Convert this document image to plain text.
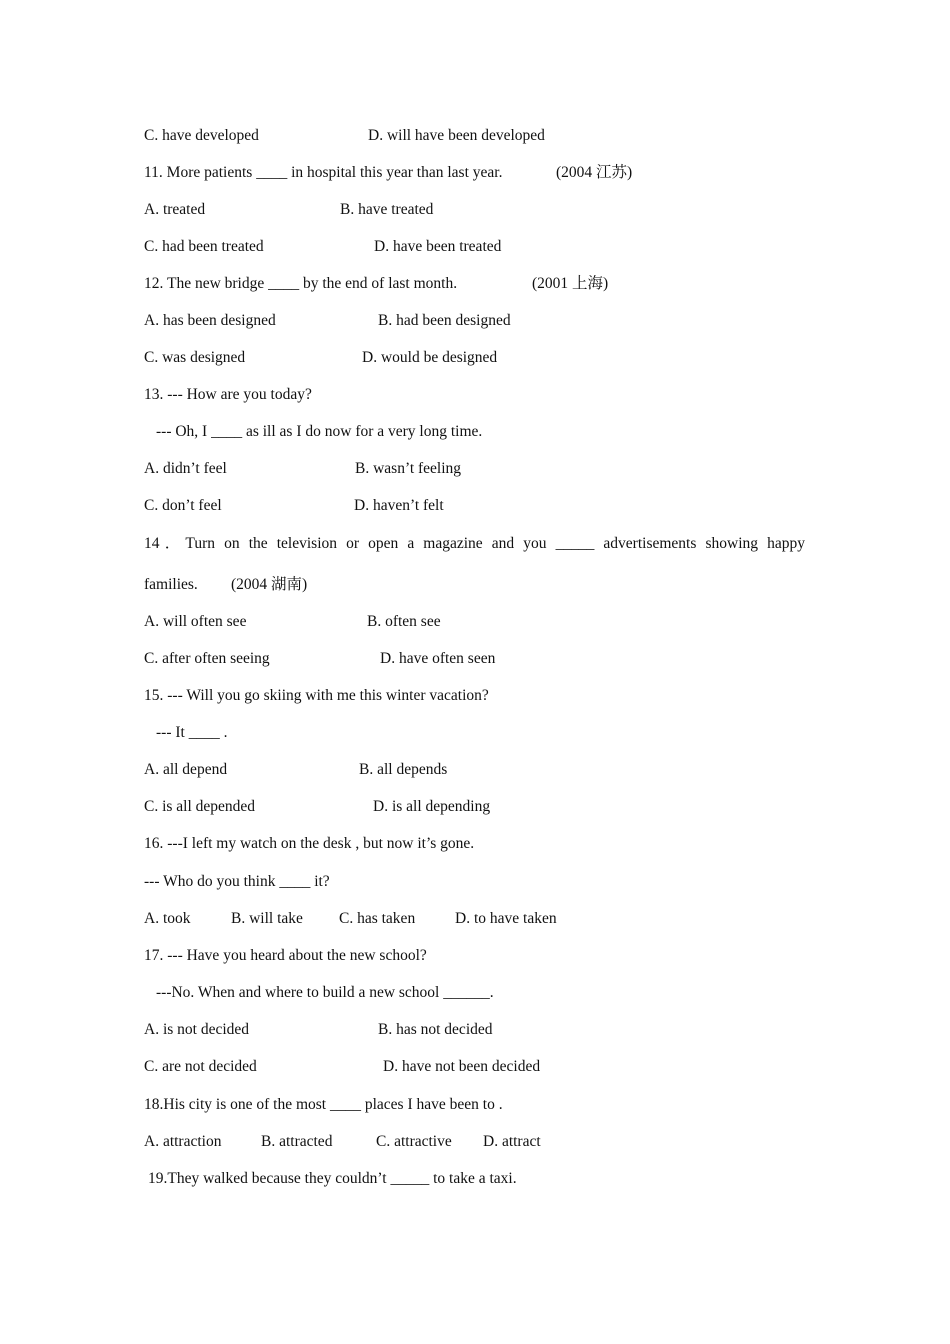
C. have developed	D. will have been developed
11. More patients ____ in hospital this year than last year.	(2004 江苏)
A. treated	B. have treated
C. had been treated	D. have been treated
12. The new bridge ____ by the end of last month.	(2001 上海)
A. has been designed	B. had been designed
C. was designed	D. would be designed
13. --- How are you today?
--- Oh, I ____ as ill as I do now for a very long time.
A. didn’t feel	B. wasn’t feeling
C. don’t feel	D. haven’t felt
14．Turn on the television or open a magazine and you _____ advertisements showing happy
families. (2004 湖南)
A. will often see	B. often see
C. after often seeing	D. have often seen
15. --- Will you go skiing with me this winter vacation?
--- It ____ .
A. all depend	B. all depends
C. is all depended	D. is all depending
16. ---I left my watch on the desk , but now it’s gone.
--- Who do you think ____ it?
A. took	B. will take C. has taken	D. to have taken
17. --- Have you heard about the new school?
---No. When and where to build a new school ______.
A. is not decided	B. has not decided
C. are not decided	D. have not been decided
18.His city is one of the most ____ places I have been to .
A. attraction	B. attracted	C. attractive D. attract
19.They walked because they couldn’t _____ to take a taxi.
